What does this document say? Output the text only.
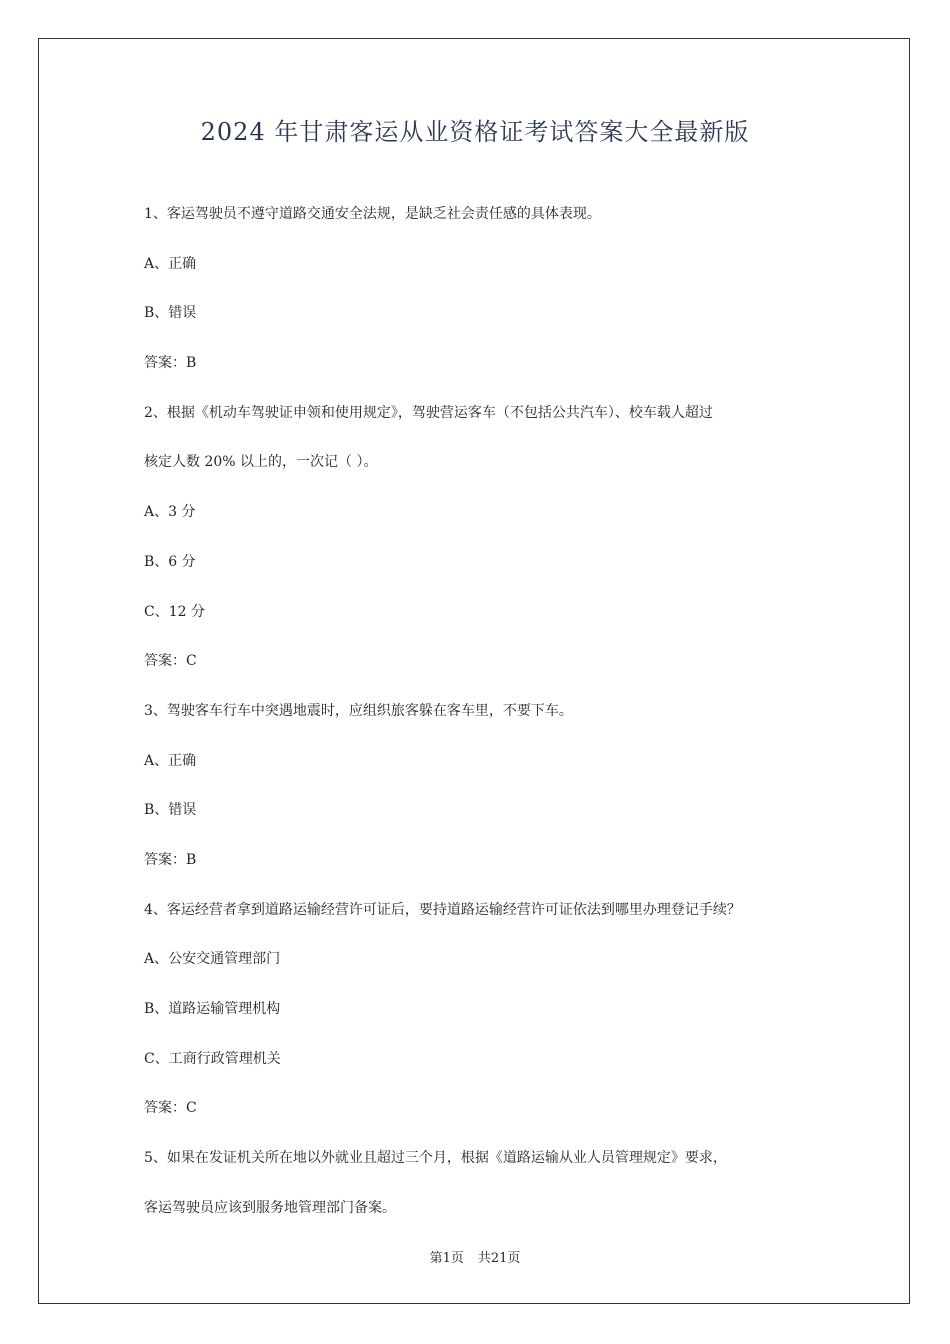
2024 年甘肃客运从业资格证考试答案大全最新版
1、客运驾驶员不遵守道路交通安全法规，是缺乏社会责任感的具体表现。
A、正确
B、错误
答案：B
2、根据《机动车驾驶证申领和使用规定》，驾驶营运客车（不包括公共汽车）、校车载人超过
核定人数 20% 以上的，一次记（ ）。
A、3 分
B、6 分
C、12 分
答案：C
3、驾驶客车行车中突遇地震时，应组织旅客躲在客车里，不要下车。
A、正确
B、错误
答案：B
4、客运经营者拿到道路运输经营许可证后，要持道路运输经营许可证依法到哪里办理登记手续？
A、公安交通管理部门
B、道路运输管理机构
C、工商行政管理机关
答案：C
5、如果在发证机关所在地以外就业且超过三个月，根据《道路运输从业人员管理规定》要求，
客运驾驶员应该到服务地管理部门备案。
第1页 共21页
